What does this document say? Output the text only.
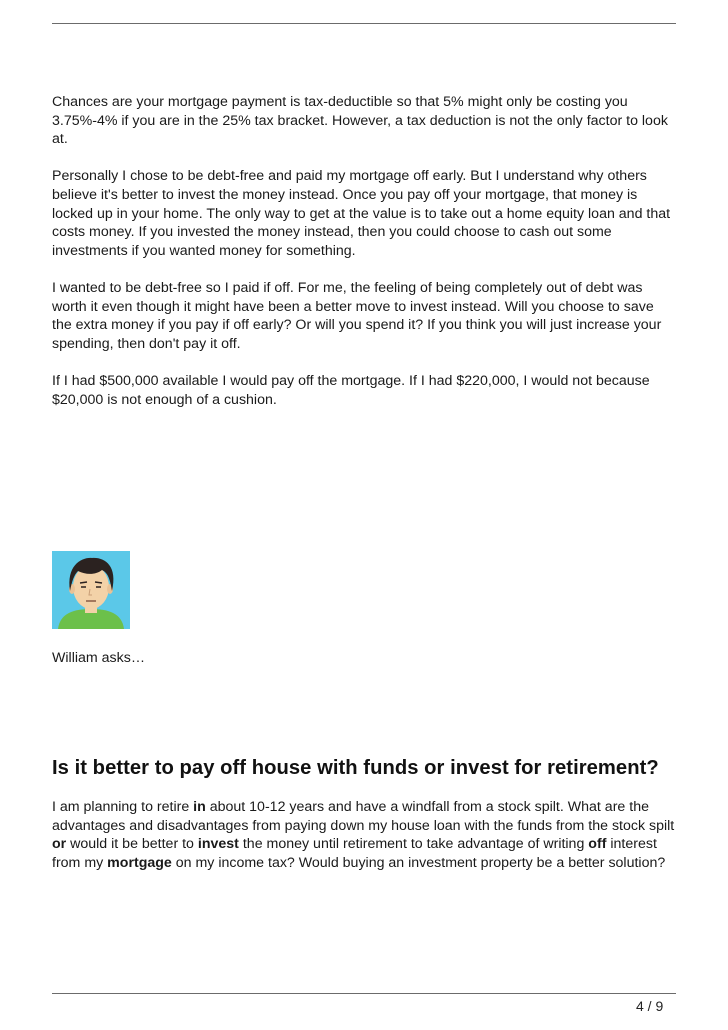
Chances are your mortgage payment is tax-deductible so that 5% might only be costing you 3.75%-4% if you are in the 25% tax bracket. However, a tax deduction is not the only factor to look at.

Personally I chose to be debt-free and paid my mortgage off early. But I understand why others believe it's better to invest the money instead. Once you pay off your mortgage, that money is locked up in your home. The only way to get at the value is to take out a home equity loan and that costs money. If you invested the money instead, then you could choose to cash out some investments if you wanted money for something.

I wanted to be debt-free so I paid if off. For me, the feeling of being completely out of debt was worth it even though it might have been a better move to invest instead. Will you choose to save the extra money if you pay if off early? Or will you spend it? If you think you will just increase your spending, then don't pay it off.

If I had $500,000 available I would pay off the mortgage. If I had $220,000, I would not because $20,000 is not enough of a cushion.

William asks…
Is it better to pay off house with funds or invest for retirement?

I am planning to retire in about 10-12 years and have a windfall from a stock spilt. What are the advantages and disadvantages from paying down my house loan with the funds from the stock spilt or would it be better to invest the money until retirement to take advantage of writing off interest from my mortgage on my income tax? Would buying an investment property be a better solution?

4 / 9
